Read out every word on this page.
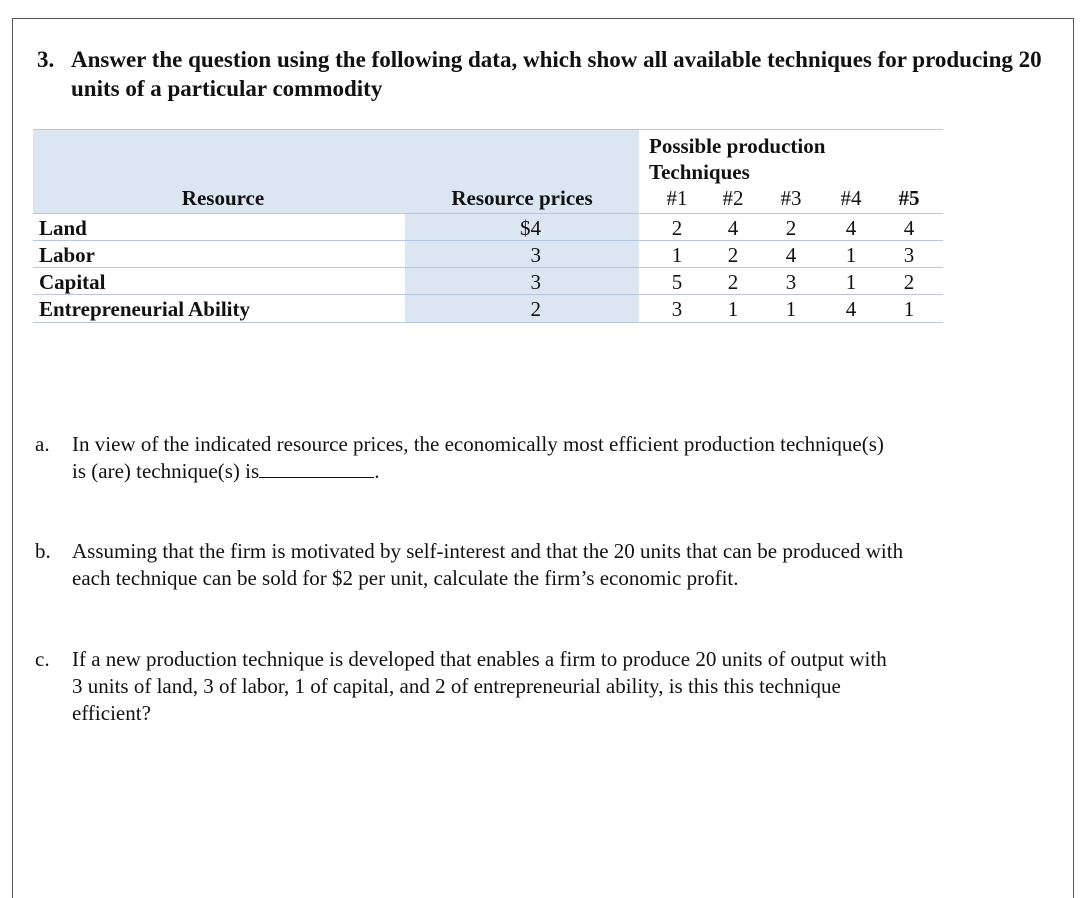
3. Answer the question using the following data, which show all available techniques for producing 20 units of a particular commodity
Resource	Resource prices
Possible production
Techniques
#1	#2	#3	#4	#5
Land	$4	2	4	2	4	4
Labor	3	1	2	4	1	3
Capital	3	5	2	3	1	2
Entrepreneurial Ability	2	3	1	1	4	1
a. In view of the indicated resource prices, the economically most efficient production technique(s)
is (are) technique(s) is	.
b. Assuming that the firm is motivated by self-interest and that the 20 units that can be produced with
each technique can be sold for $2 per unit, calculate the firm’s economic profit.
c. If a new production technique is developed that enables a firm to produce 20 units of output with
3 units of land, 3 of labor, 1 of capital, and 2 of entrepreneurial ability, is this this technique
efficient?
